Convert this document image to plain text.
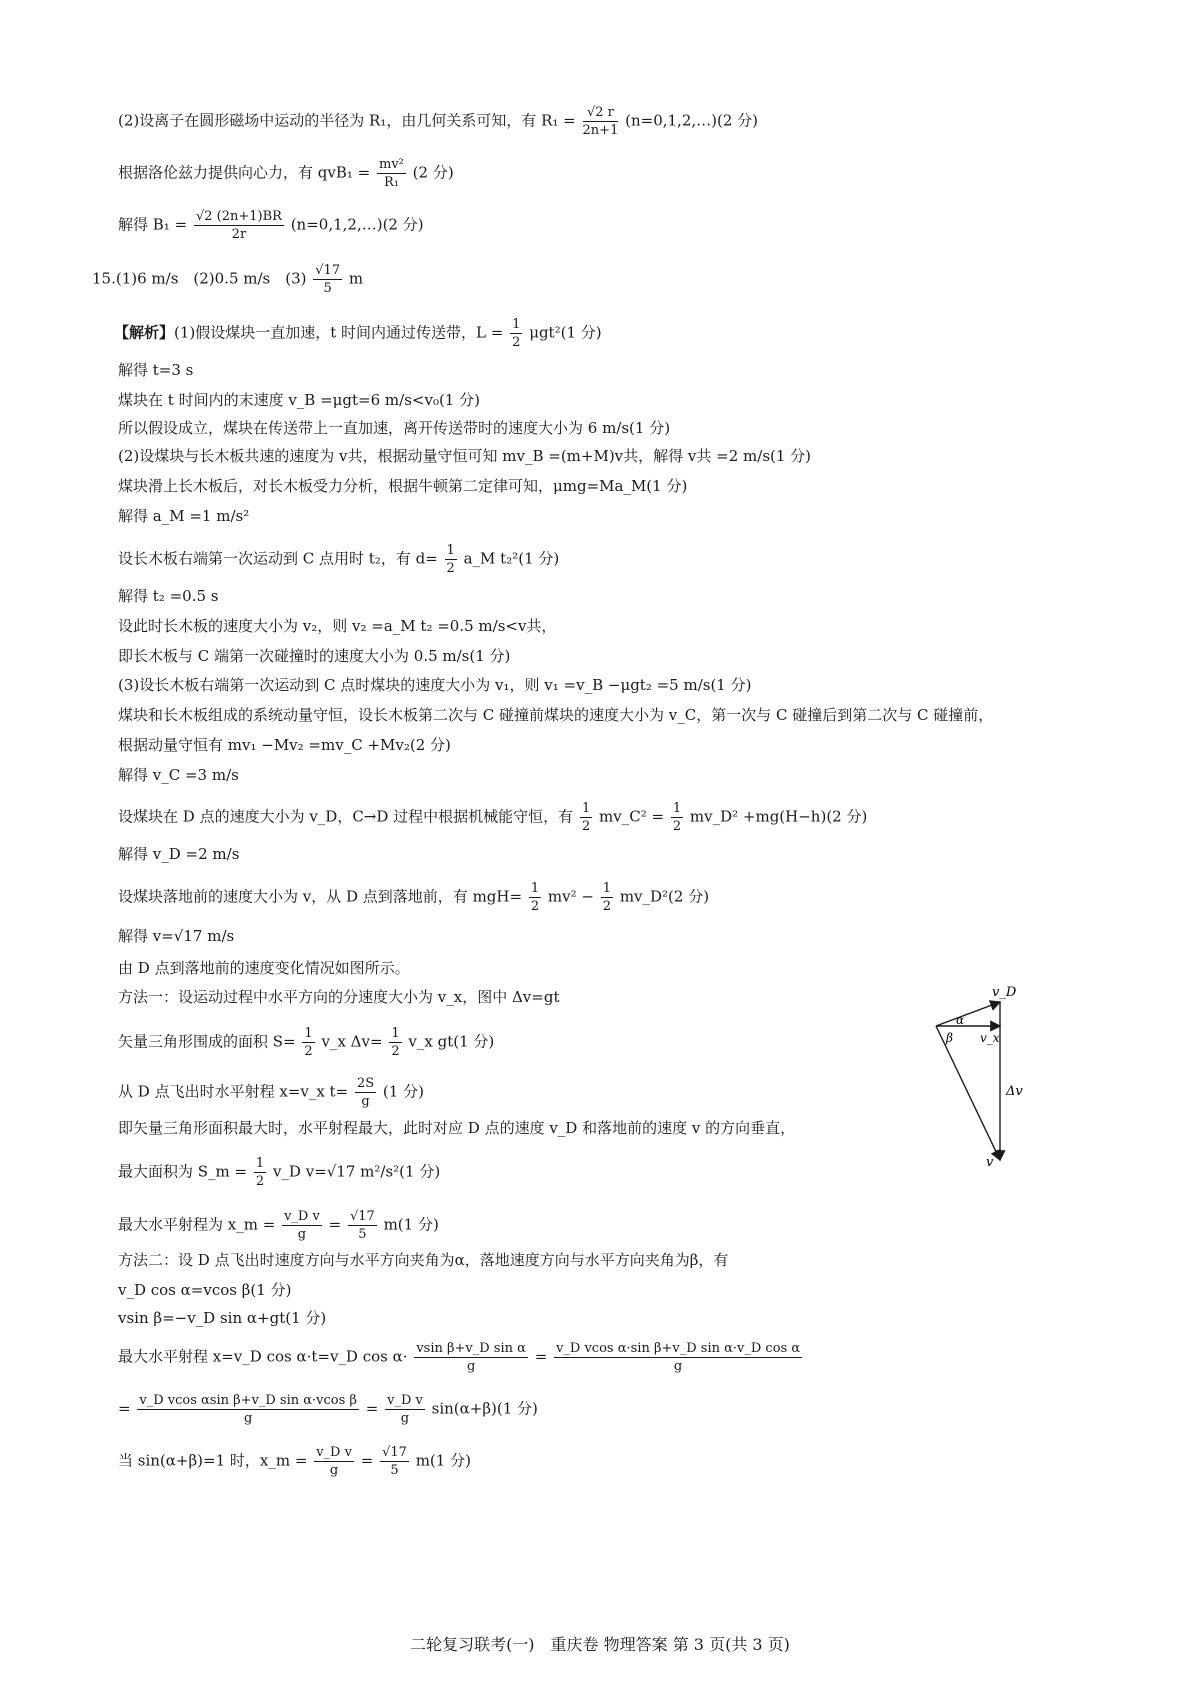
(2)设离子在圆形磁场中运动的半径为 R₁，由几何关系可知，有 $R_1 = \frac{√2 r}{2n+1}$ (n=0,1,2,…)(2 分)
根据洛伦兹力提供向心力，有 $qvB_1 = \frac{\text{mv²}}{\text{R₁}} (2$ 分)
解得 $B_1 = \frac{√2 (2n+1)BR}{2r}$ (n=0,1,2,…)(2 分)
15.(1)6 m/s　(2)0.5 m/s　$(3) \frac{√17}{5}$ m
【解析】(1)假设煤块一直加速，t 时间内通过传送带，$L = \frac{1}{2} \mu gt^2(1$ 分)
解得 t=3 s
煤块在 t 时间内的末速度 v_B =μgt=6 m/s<v₀(1 分)
所以假设成立，煤块在传送带上一直加速，离开传送带时的速度大小为 6 m/s(1 分)
(2)设煤块与长木板共速的速度为 v共，根据动量守恒可知 mv_B =(m+M)v共，解得 v共 =2 m/s(1 分)
煤块滑上长木板后，对长木板受力分析，根据牛顿第二定律可知，μmg=Ma_M(1 分)
解得 a_M =1 m/s²
设长木板右端第一次运动到 C 点用时 t₂，有 $d= \frac{1}{2}$ a_M t₂²(1 分)
解得 t₂ =0.5 s
设此时长木板的速度大小为 v₂，则 v₂ =a_M t₂ =0.5 m/s<v共，
即长木板与 C 端第一次碰撞时的速度大小为 0.5 m/s(1 分)
(3)设长木板右端第一次运动到 C 点时煤块的速度大小为 v₁，则 v₁ =v_B −μgt₂ =5 m/s(1 分)
煤块和长木板组成的系统动量守恒，设长木板第二次与 C 碰撞前煤块的速度大小为 v_C，第一次与 C 碰撞后到第二次与 C 碰撞前，
根据动量守恒有 mv₁ −Mv₂ =mv_C +Mv₂(2 分)
解得 v_C =3 m/s
设煤块在 D 点的速度大小为 v_D，C→D 过程中根据机械能守恒，有 $\frac{1}{2}$ mv_C² = $\frac{1}{2}$ mv_D² +mg(H−h)(2 分)
解得 v_D =2 m/s
设煤块落地前的速度大小为 v，从 D 点到落地前，有 $mgH= \frac{1}{2} mv^2 - \frac{1}{2}$ mv_D²(2 分)
解得 v=√17 m/s
由 D 点到落地前的速度变化情况如图所示。
方法一：设运动过程中水平方向的分速度大小为 v_x，图中 Δv=gt
矢量三角形围成的面积 $S= \frac{1}{2}$ v_x $\Delta v= \frac{1}{2}$ v_x gt(1 分)
从 D 点飞出时水平射程 x=v_x $t= \frac{2S}{g} (1$ 分)
即矢量三角形面积最大时，水平射程最大，此时对应 D 点的速度 v_D 和落地前的速度 v 的方向垂直，
最大面积为 S_m = $\frac{1}{2}$ v_D v=√17 m²/s²(1 分)
最大水平射程为 x_m = $\frac{\text{v\_D v}}{g} = \frac{√17}{5} m(1$ 分)
方法二：设 D 点飞出时速度方向与水平方向夹角为α，落地速度方向与水平方向夹角为β，有
v_D cos α=vcos β(1 分)
vsin β=−v_D sin α+gt(1 分)
最大水平射程 x=v_D cos α·t=v_D $\cos \alpha\cdot \frac{\text{vsin β+v\_D sin α}}{g} = \frac{\text{v\_D vcos α·sin β+v\_D sin α·v\_D cos α}}{g}$
= $\frac{\text{v\_D vcos αsin β+v\_D sin α·vcos β}}{g} = \frac{\text{v\_D v}}{g} \sin(\alpha+\beta)(1$ 分)
当 sin(α+β)=1 时，x_m = $\frac{\text{v\_D v}}{g} = \frac{√17}{5} m(1$ 分)
v_D
α
β v_x
Δv
v
二轮复习联考(一)　重庆卷 物理答案 第 3 页(共 3 页)
